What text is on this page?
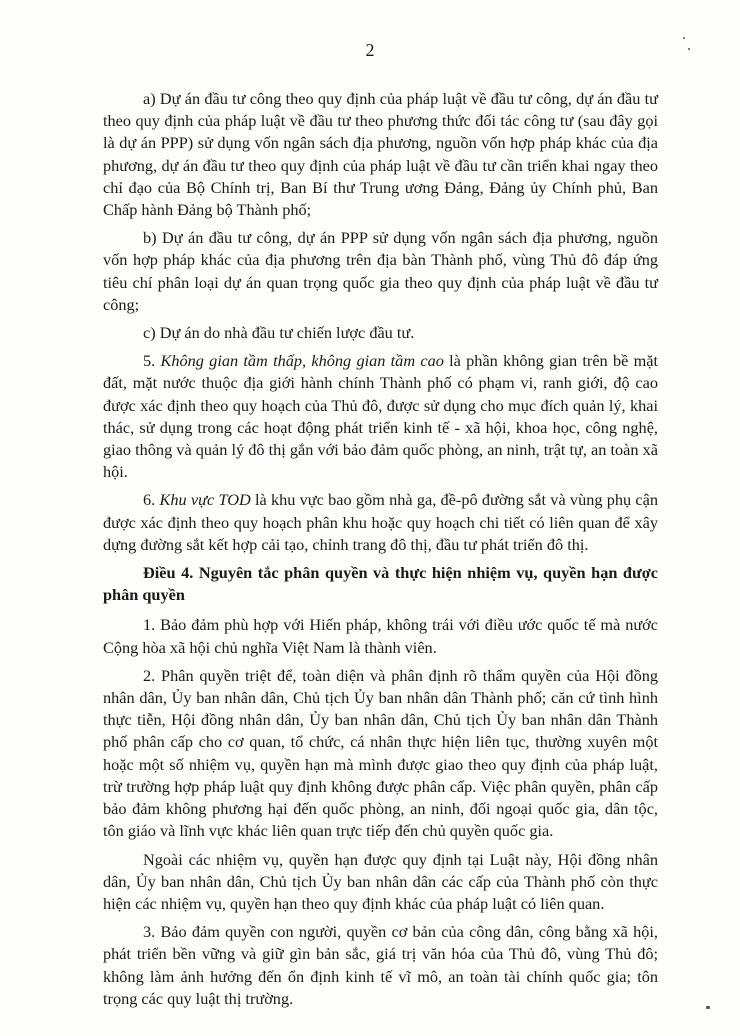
2

a) Dự án đầu tư công theo quy định của pháp luật về đầu tư công, dự án đầu tư theo quy định của pháp luật về đầu tư theo phương thức đối tác công tư (sau đây gọi là dự án PPP) sử dụng vốn ngân sách địa phương, nguồn vốn hợp pháp khác của địa phương, dự án đầu tư theo quy định của pháp luật về đầu tư cần triển khai ngay theo chỉ đạo của Bộ Chính trị, Ban Bí thư Trung ương Đảng, Đảng ủy Chính phủ, Ban Chấp hành Đảng bộ Thành phố;

b) Dự án đầu tư công, dự án PPP sử dụng vốn ngân sách địa phương, nguồn vốn hợp pháp khác của địa phương trên địa bàn Thành phố, vùng Thủ đô đáp ứng tiêu chí phân loại dự án quan trọng quốc gia theo quy định của pháp luật về đầu tư công;

c) Dự án do nhà đầu tư chiến lược đầu tư.

5. Không gian tầm thấp, không gian tầm cao là phần không gian trên bề mặt đất, mặt nước thuộc địa giới hành chính Thành phố có phạm vi, ranh giới, độ cao được xác định theo quy hoạch của Thủ đô, được sử dụng cho mục đích quản lý, khai thác, sử dụng trong các hoạt động phát triển kinh tế - xã hội, khoa học, công nghệ, giao thông và quản lý đô thị gắn với bảo đảm quốc phòng, an ninh, trật tự, an toàn xã hội.

6. Khu vực TOD là khu vực bao gồm nhà ga, đề-pô đường sắt và vùng phụ cận được xác định theo quy hoạch phân khu hoặc quy hoạch chi tiết có liên quan để xây dựng đường sắt kết hợp cải tạo, chỉnh trang đô thị, đầu tư phát triển đô thị.

Điều 4. Nguyên tắc phân quyền và thực hiện nhiệm vụ, quyền hạn được phân quyền

1. Bảo đảm phù hợp với Hiến pháp, không trái với điều ước quốc tế mà nước Cộng hòa xã hội chủ nghĩa Việt Nam là thành viên.

2. Phân quyền triệt để, toàn diện và phân định rõ thẩm quyền của Hội đồng nhân dân, Ủy ban nhân dân, Chủ tịch Ủy ban nhân dân Thành phố; căn cứ tình hình thực tiễn, Hội đồng nhân dân, Ủy ban nhân dân, Chủ tịch Ủy ban nhân dân Thành phố phân cấp cho cơ quan, tổ chức, cá nhân thực hiện liên tục, thường xuyên một hoặc một số nhiệm vụ, quyền hạn mà mình được giao theo quy định của pháp luật, trừ trường hợp pháp luật quy định không được phân cấp. Việc phân quyền, phân cấp bảo đảm không phương hại đến quốc phòng, an ninh, đối ngoại quốc gia, dân tộc, tôn giáo và lĩnh vực khác liên quan trực tiếp đến chủ quyền quốc gia.

Ngoài các nhiệm vụ, quyền hạn được quy định tại Luật này, Hội đồng nhân dân, Ủy ban nhân dân, Chủ tịch Ủy ban nhân dân các cấp của Thành phố còn thực hiện các nhiệm vụ, quyền hạn theo quy định khác của pháp luật có liên quan.

3. Bảo đảm quyền con người, quyền cơ bản của công dân, công bằng xã hội, phát triển bền vững và giữ gìn bản sắc, giá trị văn hóa của Thủ đô, vùng Thủ đô; không làm ảnh hưởng đến ổn định kinh tế vĩ mô, an toàn tài chính quốc gia; tôn trọng các quy luật thị trường.
